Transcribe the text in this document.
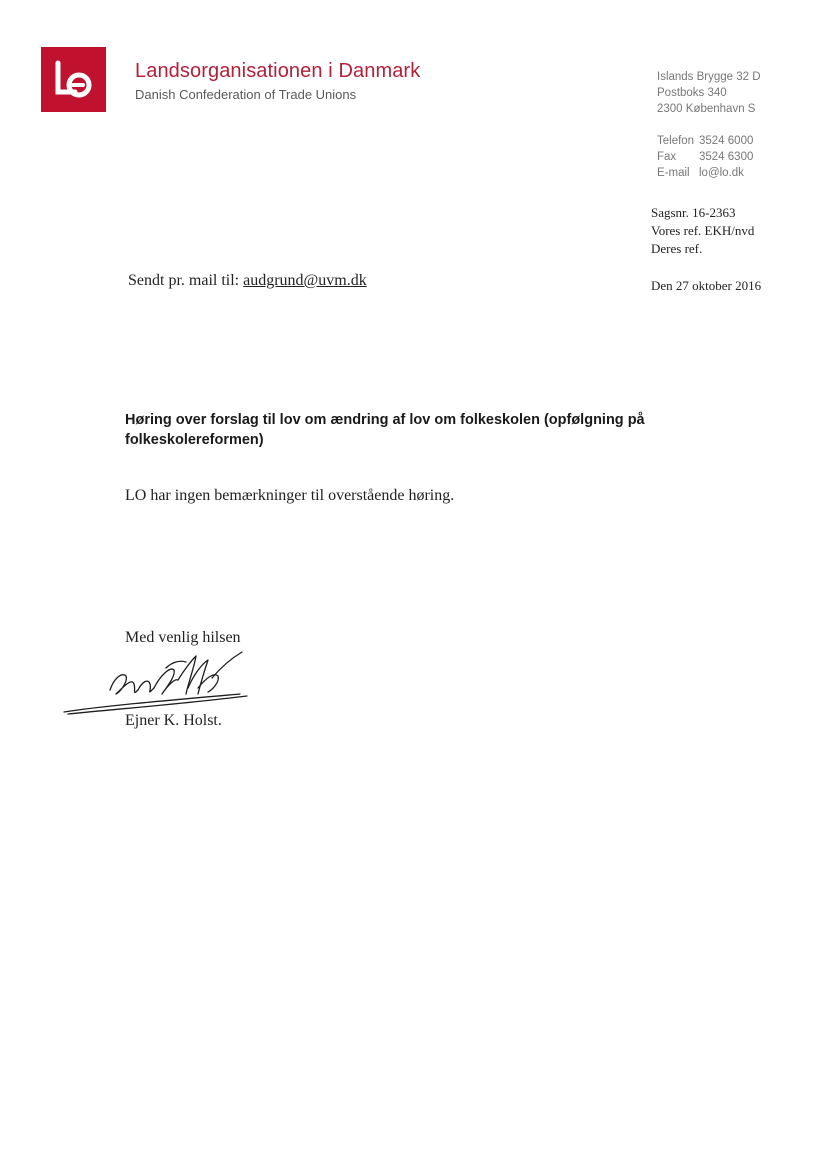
Landsorganisationen i Danmark
Danish Confederation of Trade Unions
Islands Brygge 32 D
Postboks 340
2300 København S
Telefon 3524 6000
Fax	3524 6300
E-mail lo@lo.dk
Sagsnr. 16-2363
Vores ref. EKH/nvd
Deres ref.
Den 27 oktober 2016
Sendt pr. mail til: audgrund@uvm.dk
Høring over forslag til lov om ændring af lov om folkeskolen (opfølgning på folkeskolereformen)
LO har ingen bemærkninger til overstående høring.
Med venlig hilsen
Ejner K. Holst.
